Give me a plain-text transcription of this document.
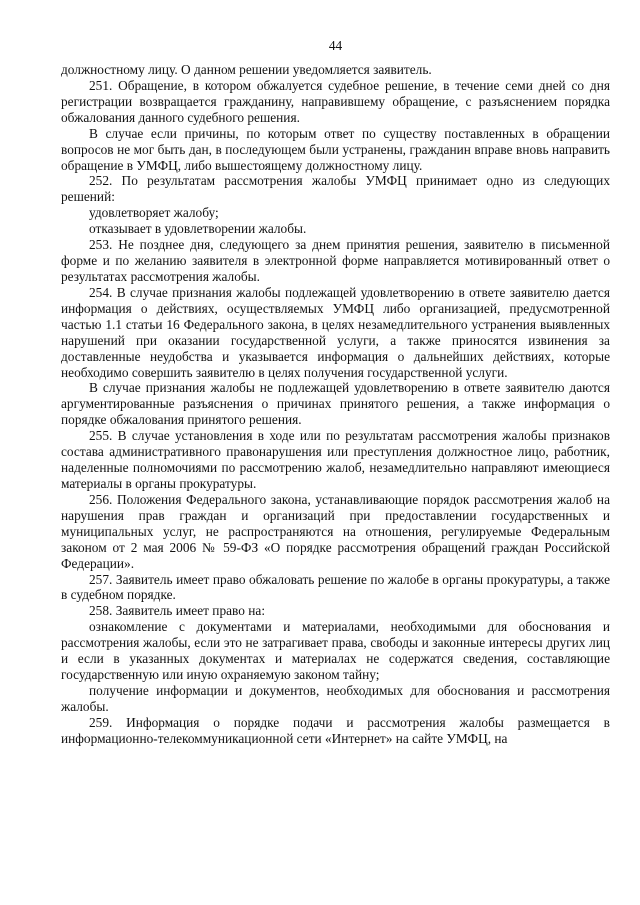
44

должностному лицу. О данном решении уведомляется заявитель.

251. Обращение, в котором обжалуется судебное решение, в течение семи дней со дня регистрации возвращается гражданину, направившему обращение, с разъяснением порядка обжалования данного судебного решения.

В случае если причины, по которым ответ по существу поставленных в обращении вопросов не мог быть дан, в последующем были устранены, гражданин вправе вновь направить обращение в УМФЦ, либо вышестоящему должностному лицу.

252. По результатам рассмотрения жалобы УМФЦ принимает одно из следующих решений:

удовлетворяет жалобу;

отказывает в удовлетворении жалобы.

253. Не позднее дня, следующего за днем принятия решения, заявителю в письменной форме и по желанию заявителя в электронной форме направляется мотивированный ответ о результатах рассмотрения жалобы.

254. В случае признания жалобы подлежащей удовлетворению в ответе заявителю дается информация о действиях, осуществляемых УМФЦ либо организацией, предусмотренной частью 1.1 статьи 16 Федерального закона, в целях незамедлительного устранения выявленных нарушений при оказании государственной услуги, а также приносятся извинения за доставленные неудобства и указывается информация о дальнейших действиях, которые необходимо совершить заявителю в целях получения государственной услуги.

В случае признания жалобы не подлежащей удовлетворению в ответе заявителю даются аргументированные разъяснения о причинах принятого решения, а также информация о порядке обжалования принятого решения.

255. В случае установления в ходе или по результатам рассмотрения жалобы признаков состава административного правонарушения или преступления должностное лицо, работник, наделенные полномочиями по рассмотрению жалоб, незамедлительно направляют имеющиеся материалы в органы прокуратуры.

256. Положения Федерального закона, устанавливающие порядок рассмотрения жалоб на нарушения прав граждан и организаций при предоставлении государственных и муниципальных услуг, не распространяются на отношения, регулируемые Федеральным законом от 2 мая 2006 № 59-ФЗ «О порядке рассмотрения обращений граждан Российской Федерации».

257. Заявитель имеет право обжаловать решение по жалобе в органы прокуратуры, а также в судебном порядке.

258. Заявитель имеет право на:

ознакомление с документами и материалами, необходимыми для обоснования и рассмотрения жалобы, если это не затрагивает права, свободы и законные интересы других лиц и если в указанных документах и материалах не содержатся сведения, составляющие государственную или иную охраняемую законом тайну;

получение информации и документов, необходимых для обоснования и рассмотрения жалобы.

259. Информация о порядке подачи и рассмотрения жалобы размещается в информационно-телекоммуникационной сети «Интернет» на сайте УМФЦ, на
